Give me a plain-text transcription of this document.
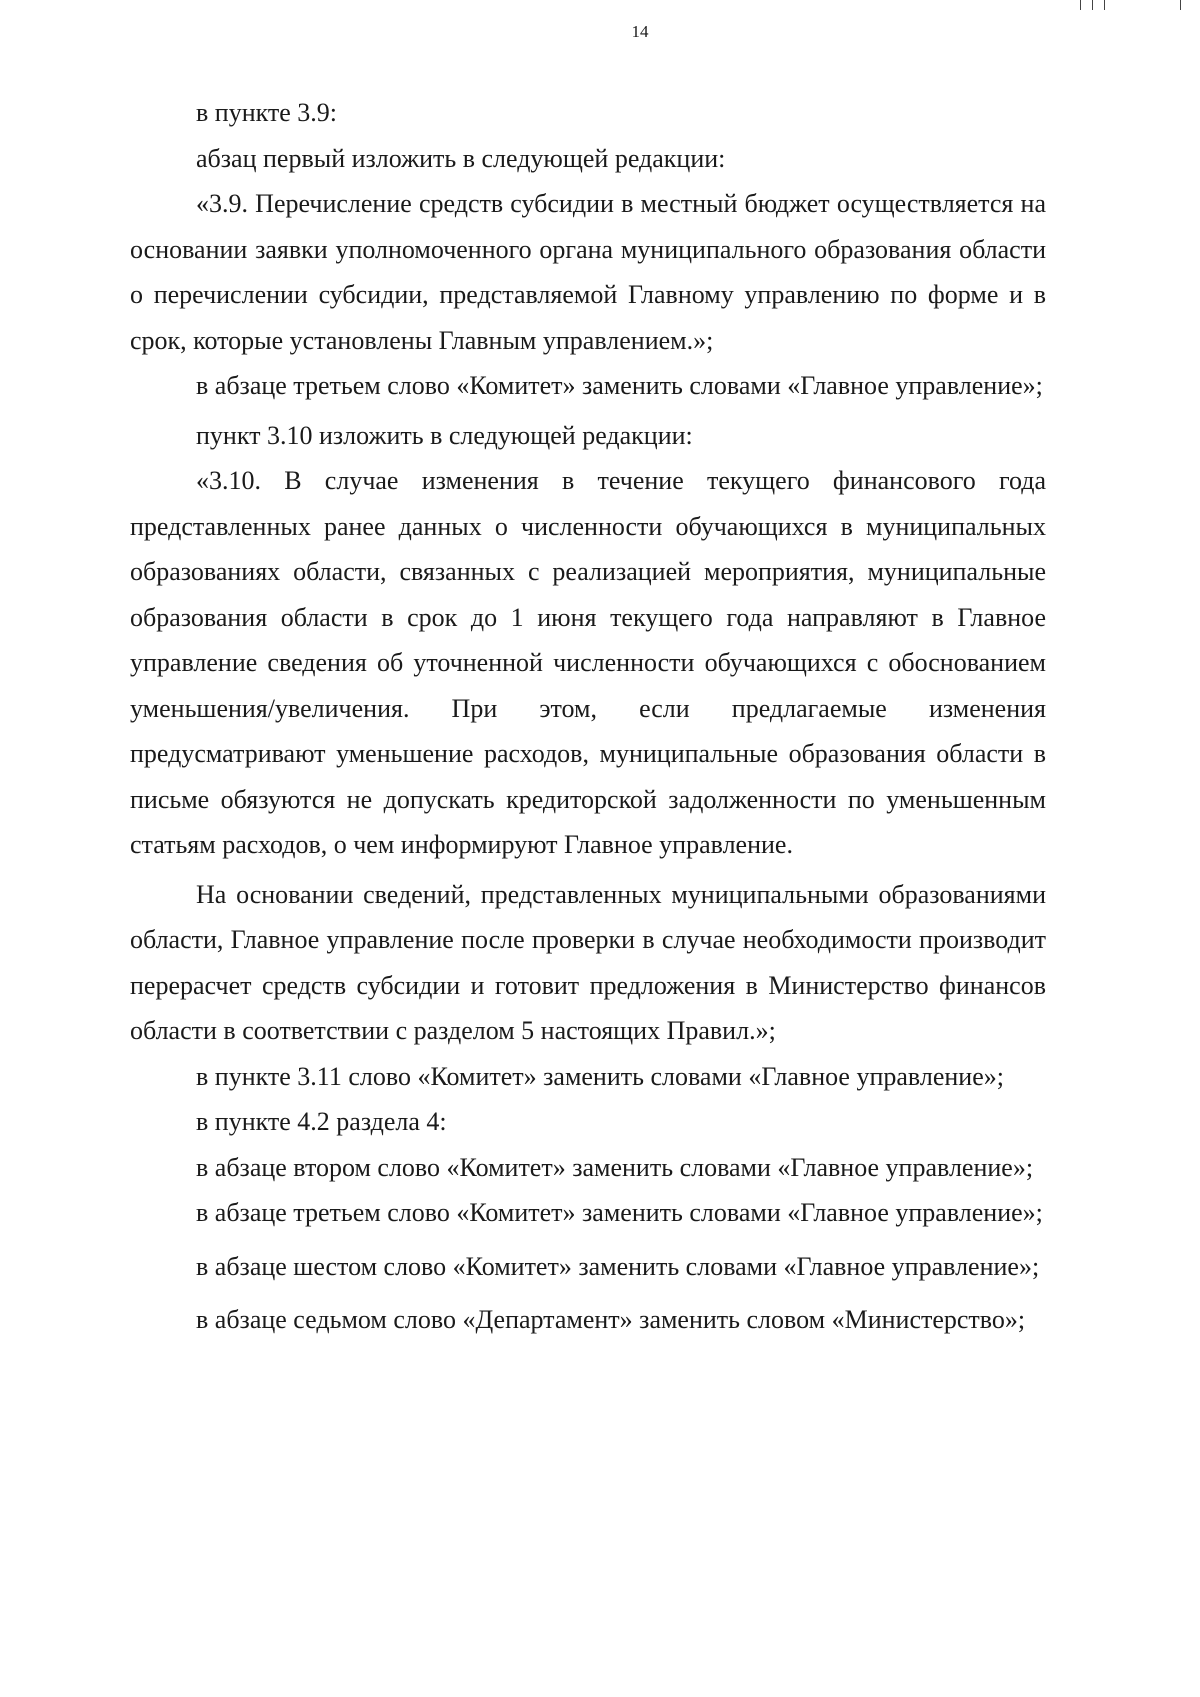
14

в пункте 3.9:

абзац первый изложить в следующей редакции:

«3.9. Перечисление средств субсидии в местный бюджет осуществляется на основании заявки уполномоченного органа муниципального образования области о перечислении субсидии, представляемой Главному управлению по форме и в срок, которые установлены Главным управлением.»;

в абзаце третьем слово «Комитет» заменить словами «Главное управление»;

пункт 3.10 изложить в следующей редакции:

«3.10. В случае изменения в течение текущего финансового года представленных ранее данных о численности обучающихся в муниципальных образованиях области, связанных с реализацией мероприятия, муниципальные образования области в срок до 1 июня текущего года направляют в Главное управление сведения об уточненной численности обучающихся с обоснованием уменьшения/увеличения. При этом, если предлагаемые изменения предусматривают уменьшение расходов, муниципальные образования области в письме обязуются не допускать кредиторской задолженности по уменьшенным статьям расходов, о чем информируют Главное управление.

На основании сведений, представленных муниципальными образованиями области, Главное управление после проверки в случае необходимости производит перерасчет средств субсидии и готовит предложения в Министерство финансов области в соответствии с разделом 5 настоящих Правил.»;

в пункте 3.11 слово «Комитет» заменить словами «Главное управление»;

в пункте 4.2 раздела 4:

в абзаце втором слово «Комитет» заменить словами «Главное управление»;

в абзаце третьем слово «Комитет» заменить словами «Главное управление»;

в абзаце шестом слово «Комитет» заменить словами «Главное управление»;

в абзаце седьмом слово «Департамент» заменить словом «Министерство»;
